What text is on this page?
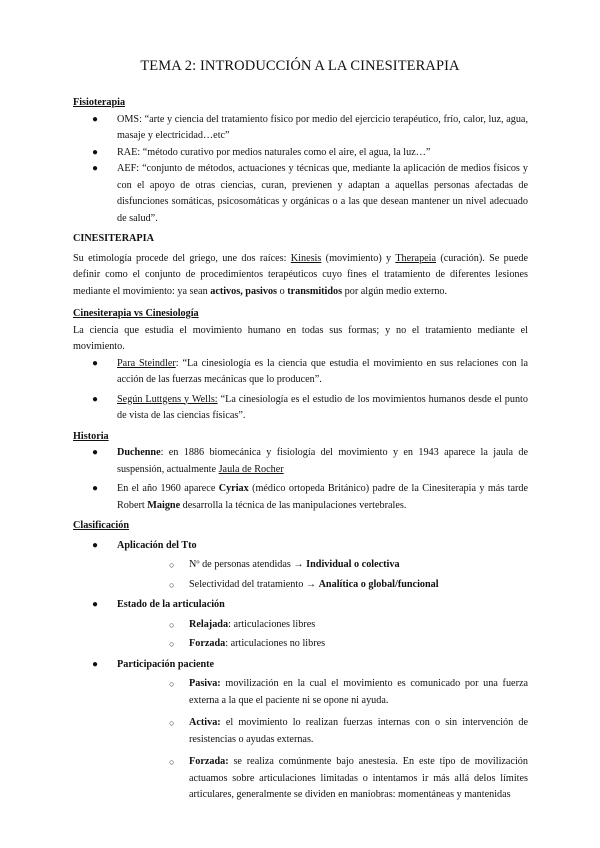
TEMA 2: INTRODUCCIÓN A LA CINESITERAPIA
Fisioterapia
● OMS: “arte y ciencia del tratamiento físico por medio del ejercicio terapéutico, frío, calor, luz, agua, masaje y electricidad…etc”
● RAE: “método curativo por medios naturales como el aire, el agua, la luz…”
● AEF: “conjunto de métodos, actuaciones y técnicas que, mediante la aplicación de medios físicos y con el apoyo de otras ciencias, curan, previenen y adaptan a aquellas personas afectadas de disfunciones somáticas, psicosomáticas y orgánicas o a las que desean mantener un nivel adecuado de salud”.
CINESITERAPIA

Su etimología procede del griego, une dos raíces: Kinesis (movimiento) y Therapeia (curación). Se puede definir como el conjunto de procedimientos terapéuticos cuyo fines el tratamiento de diferentes lesiones mediante el movimiento: ya sean activos, pasivos o transmitidos por algún medio externo.

Cinesiterapia vs Cinesiología

La ciencia que estudia el movimiento humano en todas sus formas; y no el tratamiento mediante el movimiento.

● Para Steindler: “La cinesiología es la ciencia que estudia el movimiento en sus relaciones con la acción de las fuerzas mecánicas que lo producen”.
● Según Luttgens y Wells: “La cinesiología es el estudio de los movimientos humanos desde el punto de vista de las ciencias físicas”.
Historia
● Duchenne: en 1886 biomecánica y fisiología del movimiento y en 1943 aparece la jaula de suspensión, actualmente Jaula de Rocher
● En el año 1960 aparece Cyriax (médico ortopeda Británico) padre de la Cinesiterapia y más tarde Robert Maigne desarrolla la técnica de las manipulaciones vertebrales.
Clasificación
● Aplicación del Tto
○ Nº de personas atendidas → Individual o colectiva
○ Selectividad del tratamiento → Analítica o global/funcional
● Estado de la articulación
○ Relajada: articulaciones libres
○ Forzada: articulaciones no libres
● Participación paciente
○ Pasiva: movilización en la cual el movimiento es comunicado por una fuerza externa a la que el paciente ni se opone ni ayuda.
○ Activa: el movimiento lo realizan fuerzas internas con o sin intervención de resistencias o ayudas externas.
○ Forzada: se realiza comúnmente bajo anestesia. En este tipo de movilización actuamos sobre articulaciones limitadas o intentamos ir más allá delos límites articulares, generalmente se dividen en maniobras: momentáneas y mantenidas
